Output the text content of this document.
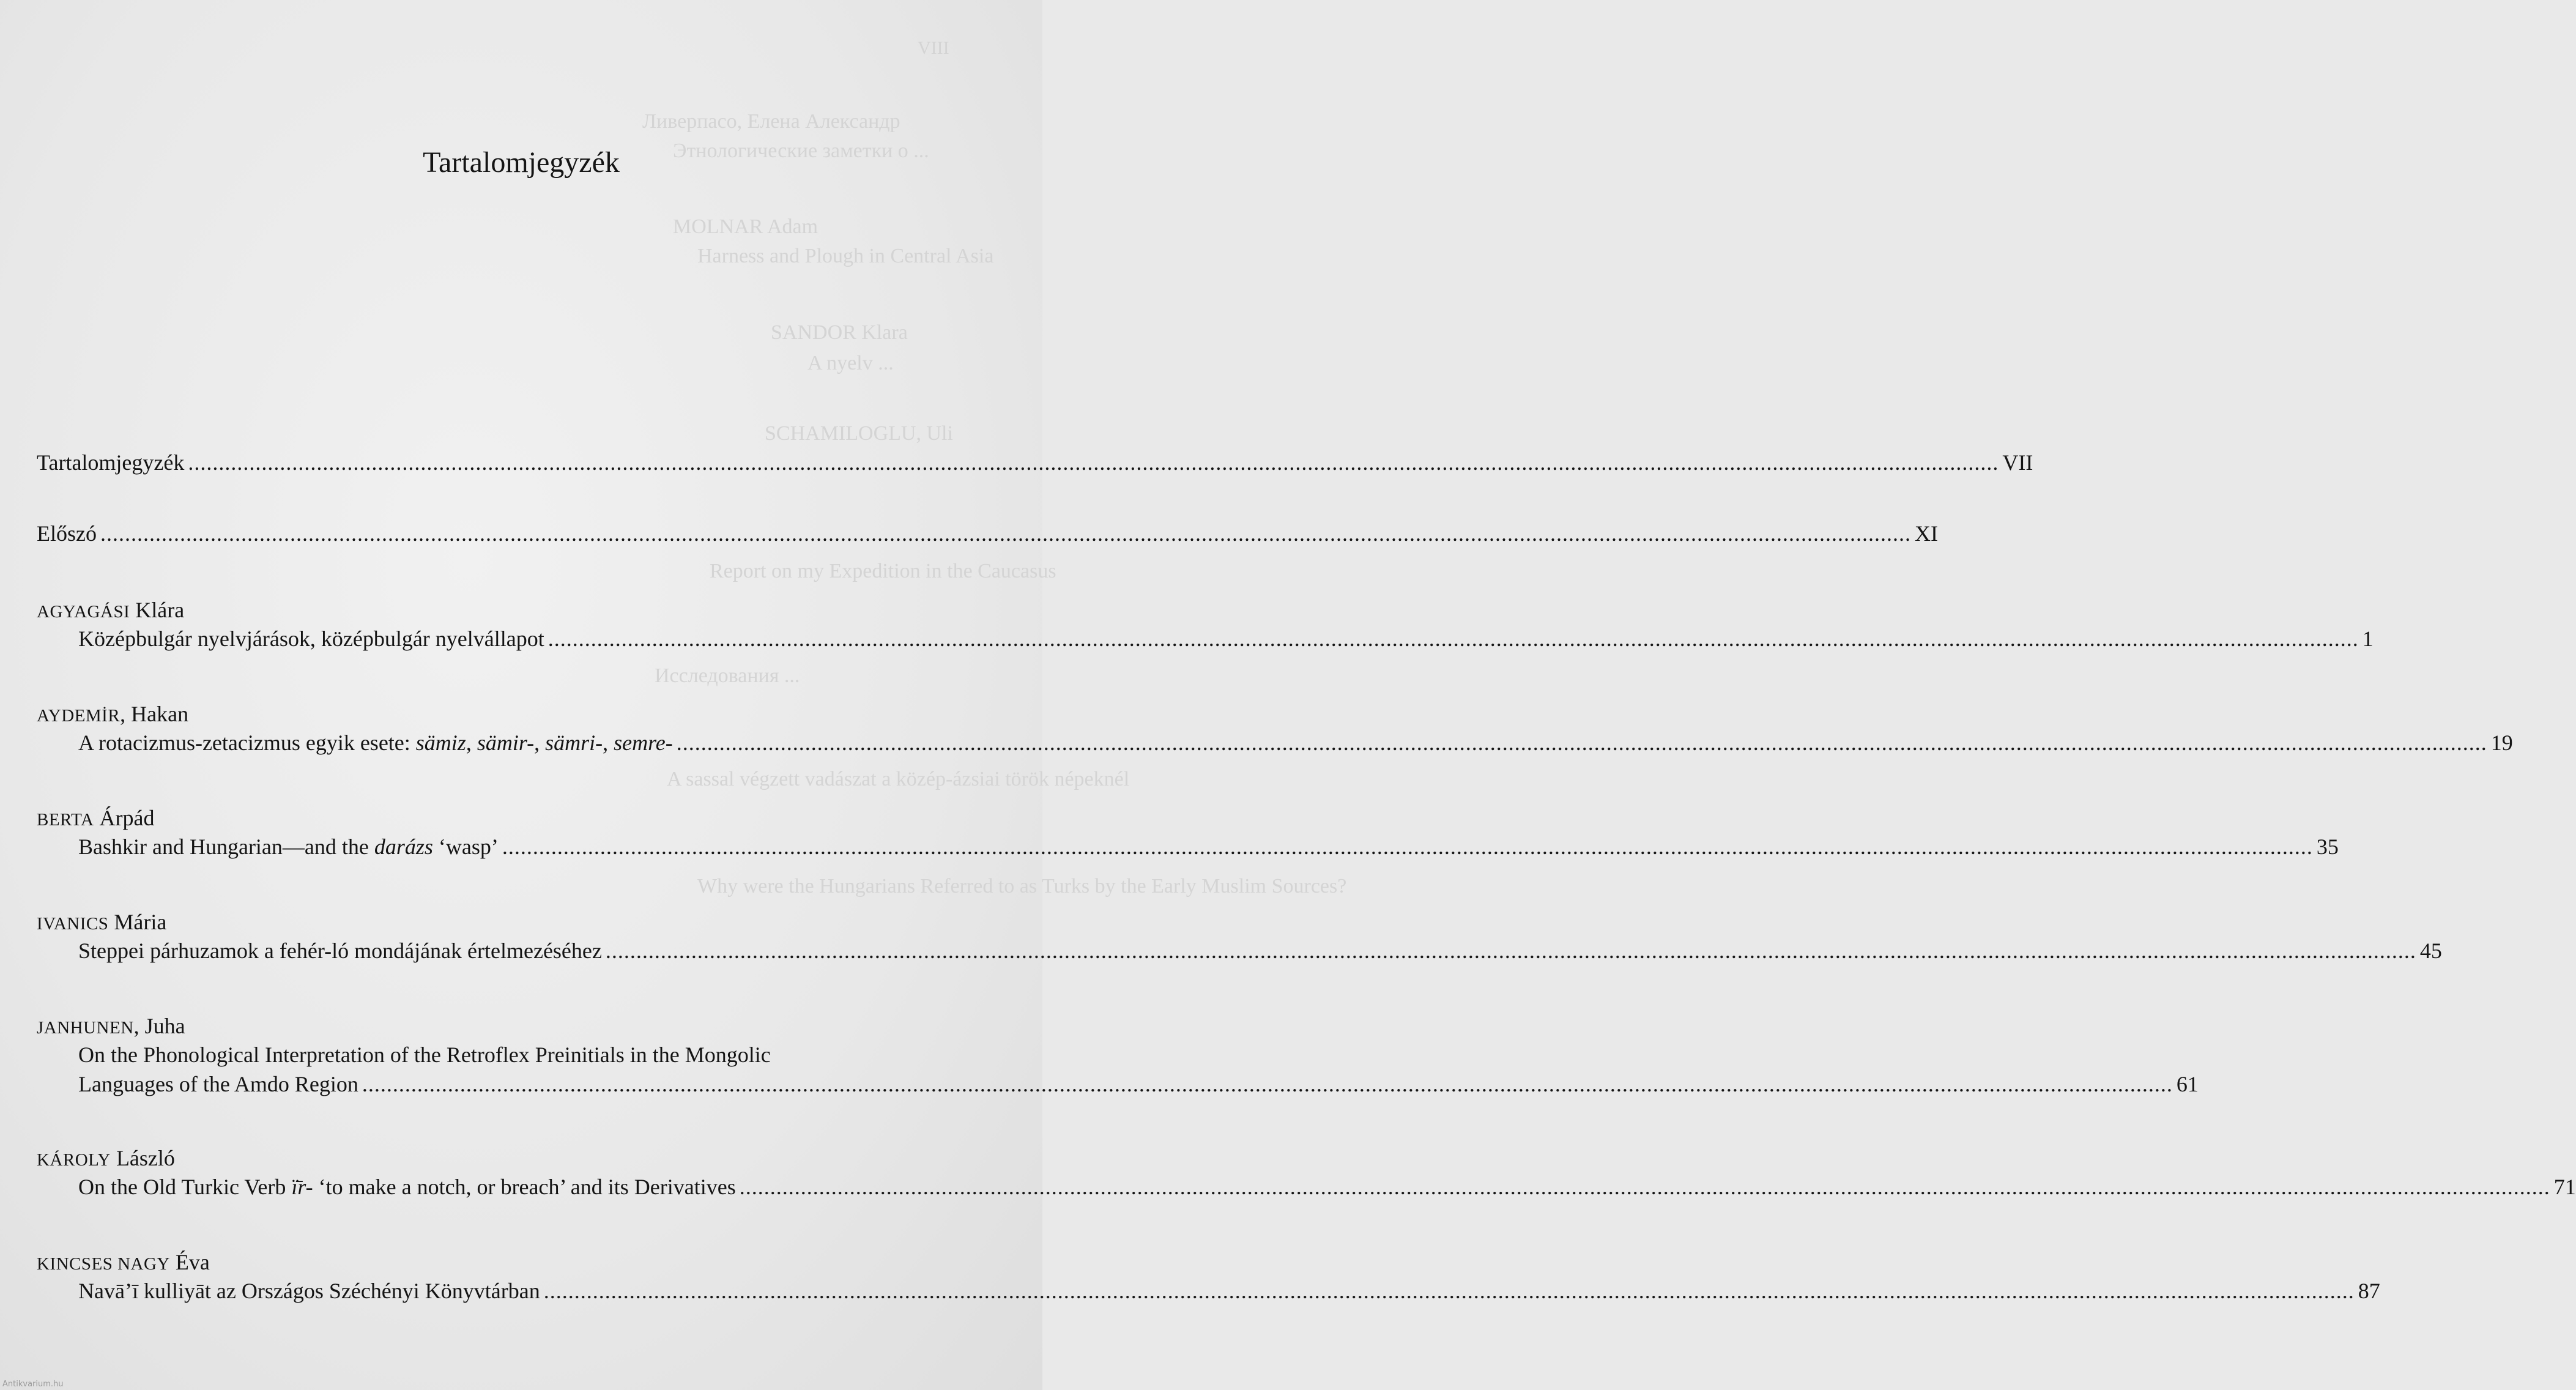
VIII
Ливерпасо, Елена Александр
Этнологические заметки о ...
MOLNAR Adam
Harness and Plough in Central Asia
SANDOR Klara
A nyelv ...
SCHAMILOGLU, Uli
Report on my Expedition in the Caucasus
Исследования ...
A sassal végzett vadászat a közép-ázsiai török népeknél
Why were the Hungarians Referred to as Turks by the Early Muslim Sources?
Tartalomjegyzék
Tartalomjegyzék .....	VII
Előszó .....	XI
AGYAGÁSI Klára
Középbulgár nyelvjárások, középbulgár nyelvállapot .....	1
AYDEMİR, Hakan
A rotacizmus-zetacizmus egyik esete: sämiz, sämir-, sämri-, semre- .....	19
BERTA Árpád
Bashkir and Hungarian—and the darázs ‘wasp’ .....	35
IVANICS Mária
Steppei párhuzamok a fehér-ló mondájának értelmezéséhez .....	45
JANHUNEN, Juha
On the Phonological Interpretation of the Retroflex Preinitials in the Mongolic
Languages of the Amdo Region .....	61
KÁROLY László
On the Old Turkic Verb ï̄r- ‘to make a notch, or breach’ and its Derivatives .....	71
KINCSES NAGY Éva
Navā’ī kulliyāt az Országos Széchényi Könyvtárban .....	87
Antikvarium.hu
